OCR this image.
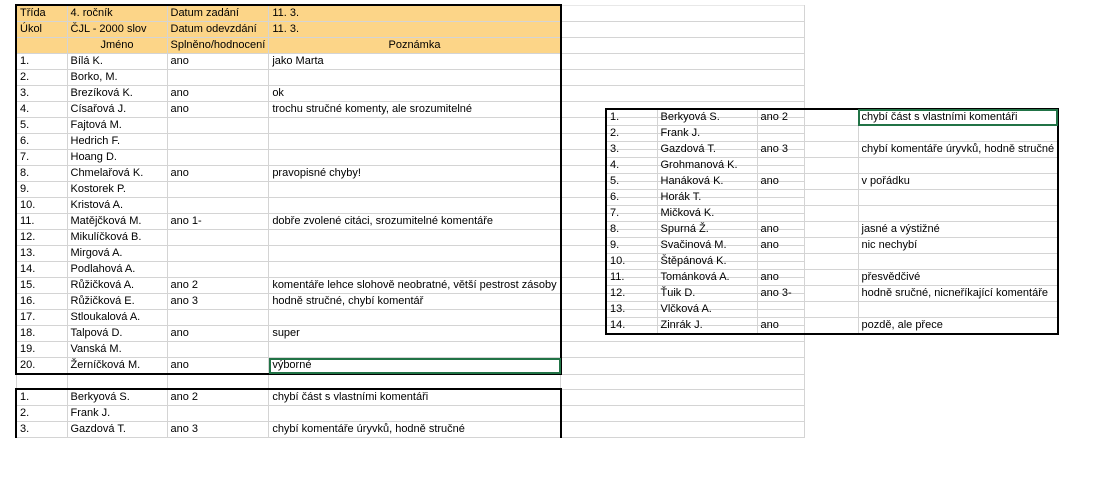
Třída	4. ročník	Datum zadání	11. 3.	
Úkol	ČJL - 2000 slov	Datum odevzdání	11. 3.	
	Jméno	Splněno/hodnocení	Poznámka	
1.	Bílá K.	ano	jako Marta	
2.	Borko, M.			
3.	Brezíková K.	ano	ok	
4.	Císařová J.	ano	trochu stručné komenty, ale srozumitelné	
5.	Fajtová M.			
6.	Hedrich F.			
7.	Hoang D.			
8.	Chmelařová K.	ano	pravopisné chyby!	
9.	Kostorek P.			
10.	Kristová A.			
11.	Matějčková M.	ano 1-	dobře zvolené citáci, srozumitelné komentáře	
12.	Mikulíčková B.			
13.	Mirgová A.			
14.	Podlahová A.			
15.	Růžičková A.	ano 2	komentáře lehce slohově neobratné, větší pestrost zásoby	
16.	Růžičková E.	ano 3	hodně stručné, chybí komentář	
17.	Stloukalová A.			
18.	Talpová D.	ano	super	
19.	Vanská M.			
20.	Žerníčková M.	ano	výborné	

1.	Berkyová S.	ano 2	chybí část s vlastními komentáři	
2.	Frank J.			
3.	Gazdová T.	ano 3	chybí komentáře úryvků, hodně stručné	
1.	Berkyová S.	ano 2	chybí část s vlastními komentáři
2.	Frank J.		
3.	Gazdová T.	ano 3	chybí komentáře úryvků, hodně stručné
4.	Grohmanová K.		
5.	Hanáková K.	ano	v pořádku
6.	Horák T.		
7.	Mičková K.		
8.	Spurná Ž.	ano	jasné a výstižné
9.	Svačinová M.	ano	nic nechybí
10.	Štěpánová K.		
11.	Tománková A.	ano	přesvědčivé
12.	Ťuik D.	ano 3-	hodně sručné, nicneříkající komentáře
13.	Vlčková A.		
14.	Zinrák J.	ano	pozdě, ale přece
